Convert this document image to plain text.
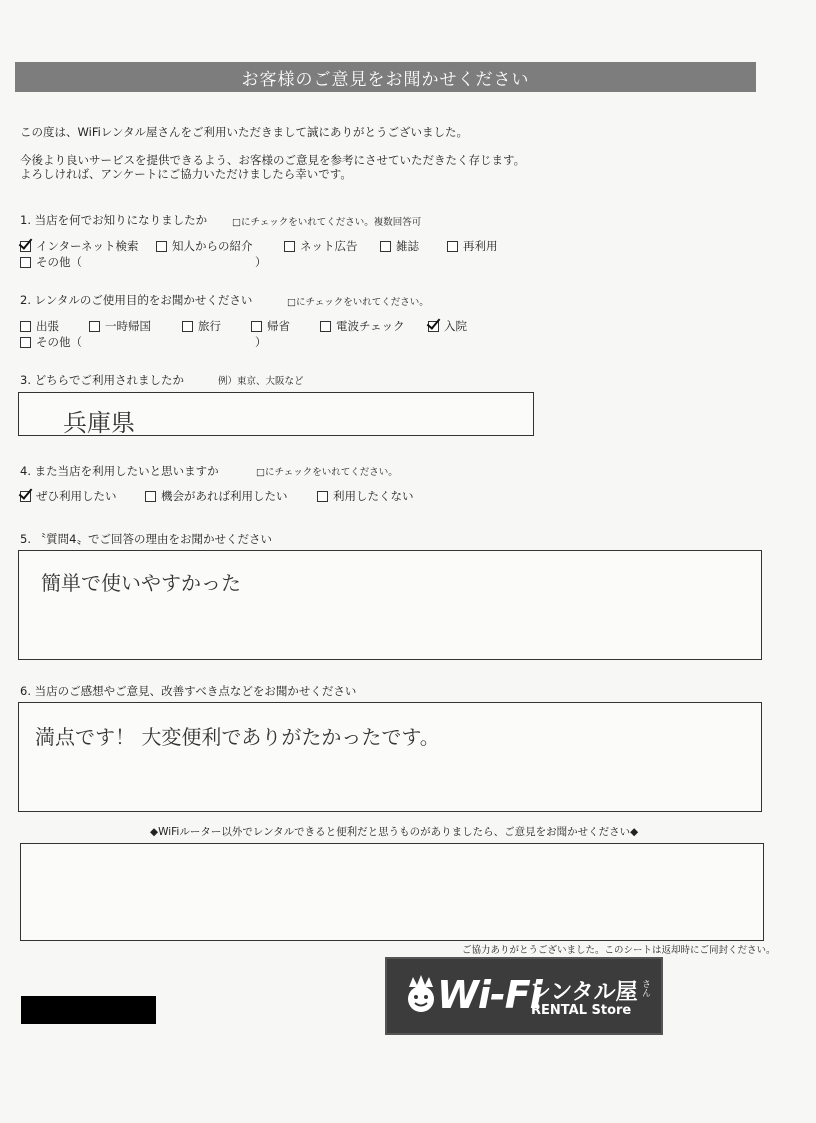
お客様のご意見をお聞かせください
この度は、WiFiレンタル屋さんをご利用いただきまして誠にありがとうございました。
今後より良いサービスを提供できるよう、お客様のご意見を参考にさせていただきたく存じます。
よろしければ、アンケートにご協力いただけましたら幸いです。
1. 当店を何でお知りになりましたか	□にチェックをいれてください。複数回答可
インターネット検索	知人からの紹介	ネット広告	雑誌	再利用
その他（	）
2. レンタルのご使用目的をお聞かせください	□にチェックをいれてください。
出張	一時帰国	旅行	帰省	電波チェック	入院
その他（	）
3. どちらでご利用されましたか	例）東京、大阪など
兵庫県
4. また当店を利用したいと思いますか	□にチェックをいれてください。
ぜひ利用したい	機会があれば利用したい	利用したくない
5. 〝質問4〟でご回答の理由をお聞かせください
簡単で使いやすかった
6. 当店のご感想やご意見、改善すべき点などをお聞かせください
満点です！ 大変便利でありがたかったです。
◆WiFiルーター以外でレンタルできると便利だと思うものがありましたら、ご意見をお聞かせください◆
ご協力ありがとうございました。このシートは返却時にご同封ください。
Wi-Fi
レンタル屋 さん
RENTAL Store
